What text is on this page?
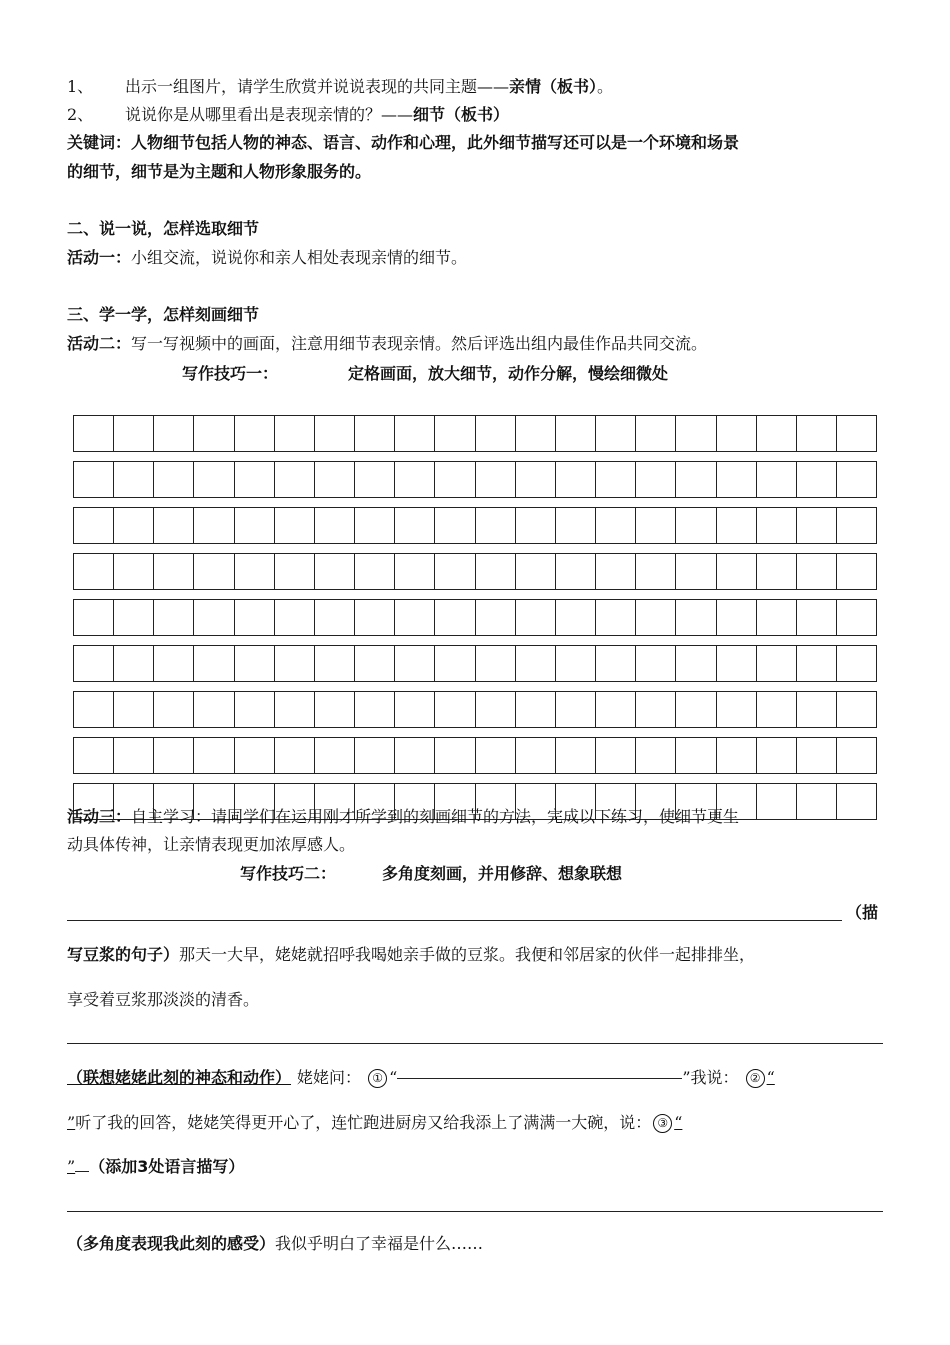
1、 出示一组图片，请学生欣赏并说说表现的共同主题——亲情（板书）。
2、 说说你是从哪里看出是表现亲情的？——细节（板书）
关键词：人物细节包括人物的神态、语言、动作和心理，此外细节描写还可以是一个环境和场景
的细节，细节是为主题和人物形象服务的。
二、说一说，怎样选取细节
活动一：小组交流，说说你和亲人相处表现亲情的细节。
三、学一学，怎样刻画细节
活动二：写一写视频中的画面，注意用细节表现亲情。然后评选出组内最佳作品共同交流。
写作技巧一：	定格画面，放大细节，动作分解，慢绘细微处
活动三：自主学习：请同学们在运用刚才所学到的刻画细节的方法，完成以下练习，使细节更生
动具体传神，让亲情表现更加浓厚感人。
写作技巧二：	多角度刻画，并用修辞、想象联想
（描
写豆浆的句子）那天一大早，姥姥就招呼我喝她亲手做的豆浆。我便和邻居家的伙伴一起排排坐，
享受着豆浆那淡淡的清香。
（联想姥姥此刻的神态和动作） 姥姥问： ① “	”我说： ② “
”听了我的回答，姥姥笑得更开心了，连忙跑进厨房又给我添上了满满一大碗，说： ③ “
” （添加3处语言描写）
（多角度表现我此刻的感受）我似乎明白了幸福是什么……
